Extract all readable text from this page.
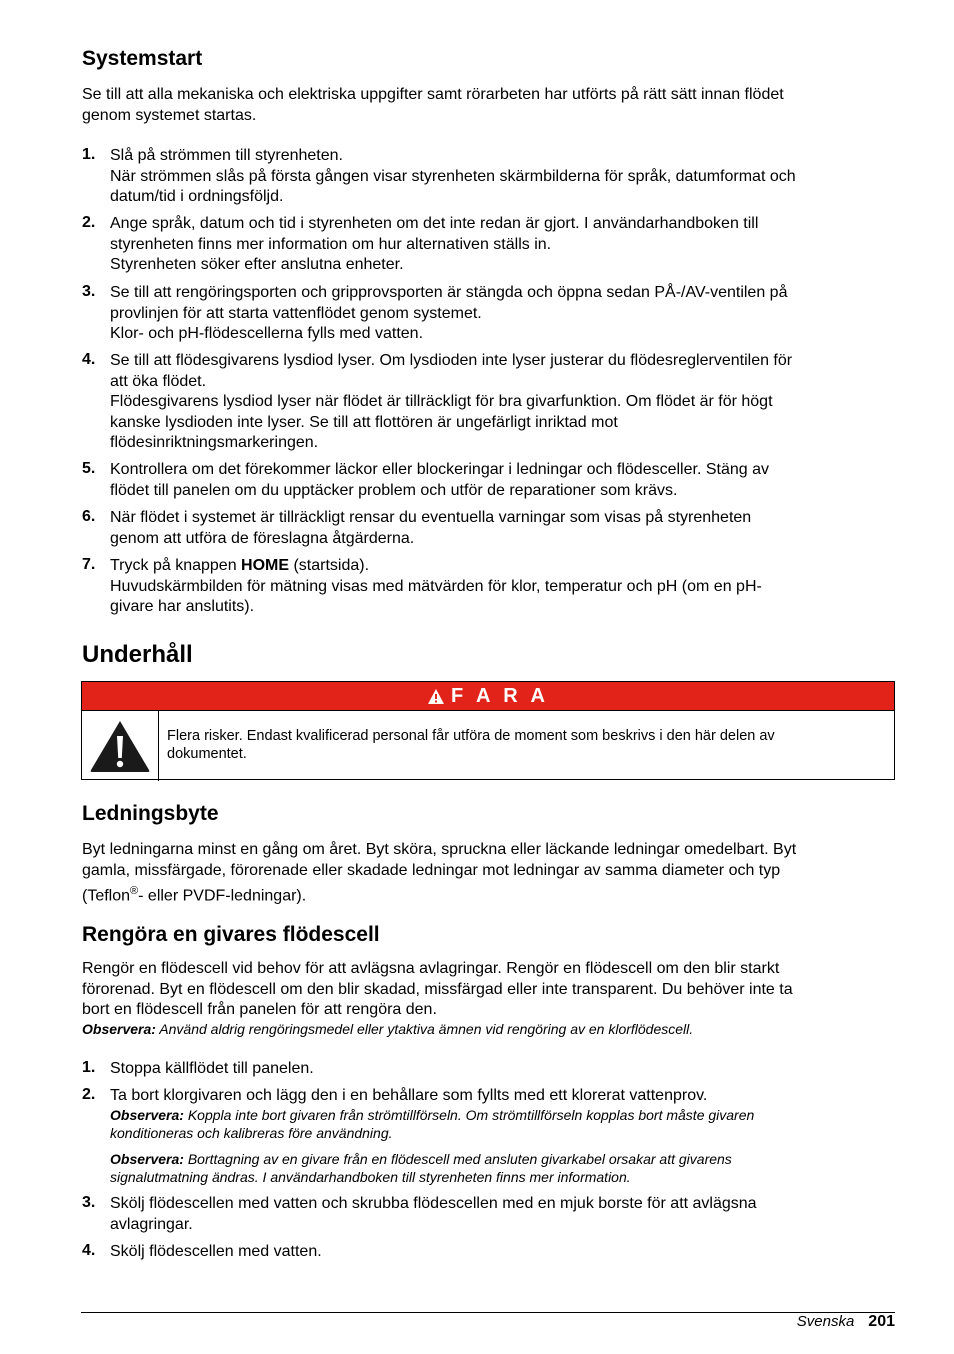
Systemstart
Se till att alla mekaniska och elektriska uppgifter samt rörarbeten har utförts på rätt sätt innan flödet
genom systemet startas.
1. Slå på strömmen till styrenheten.
När strömmen slås på första gången visar styrenheten skärmbilderna för språk, datumformat och
datum/tid i ordningsföljd.
2. Ange språk, datum och tid i styrenheten om det inte redan är gjort. I användarhandboken till
styrenheten finns mer information om hur alternativen ställs in.
Styrenheten söker efter anslutna enheter.
3. Se till att rengöringsporten och gripprovsporten är stängda och öppna sedan PÅ-/AV-ventilen på
provlinjen för att starta vattenflödet genom systemet.
Klor- och pH-flödescellerna fylls med vatten.
4. Se till att flödesgivarens lysdiod lyser. Om lysdioden inte lyser justerar du flödesreglerventilen för
att öka flödet.
Flödesgivarens lysdiod lyser när flödet är tillräckligt för bra givarfunktion. Om flödet är för högt
kanske lysdioden inte lyser. Se till att flottören är ungefärligt inriktad mot
flödesinriktningsmarkeringen.
5. Kontrollera om det förekommer läckor eller blockeringar i ledningar och flödesceller. Stäng av
flödet till panelen om du upptäcker problem och utför de reparationer som krävs.
6. När flödet i systemet är tillräckligt rensar du eventuella varningar som visas på styrenheten
genom att utföra de föreslagna åtgärderna.
7. Tryck på knappen HOME (startsida).
Huvudskärmbilden för mätning visas med mätvärden för klor, temperatur och pH (om en pH-
givare har anslutits).
Underhåll
F A R A
Flera risker. Endast kvalificerad personal får utföra de moment som beskrivs i den här delen av
dokumentet.
Ledningsbyte
Byt ledningarna minst en gång om året. Byt sköra, spruckna eller läckande ledningar omedelbart. Byt
gamla, missfärgade, förorenade eller skadade ledningar mot ledningar av samma diameter och typ
(Teflon®- eller PVDF-ledningar).
Rengöra en givares flödescell
Rengör en flödescell vid behov för att avlägsna avlagringar. Rengör en flödescell om den blir starkt
förorenad. Byt en flödescell om den blir skadad, missfärgad eller inte transparent. Du behöver inte ta
bort en flödescell från panelen för att rengöra den.
Observera: Använd aldrig rengöringsmedel eller ytaktiva ämnen vid rengöring av en klorflödescell.
1. Stoppa källflödet till panelen.
2. Ta bort klorgivaren och lägg den i en behållare som fyllts med ett klorerat vattenprov.
Observera: Koppla inte bort givaren från strömtillförseln. Om strömtillförseln kopplas bort måste givaren
konditioneras och kalibreras före användning.
Observera: Borttagning av en givare från en flödescell med ansluten givarkabel orsakar att givarens
signalutmatning ändras. I användarhandboken till styrenheten finns mer information.
3. Skölj flödescellen med vatten och skrubba flödescellen med en mjuk borste för att avlägsna
avlagringar.
4. Skölj flödescellen med vatten.
Svenska 201
